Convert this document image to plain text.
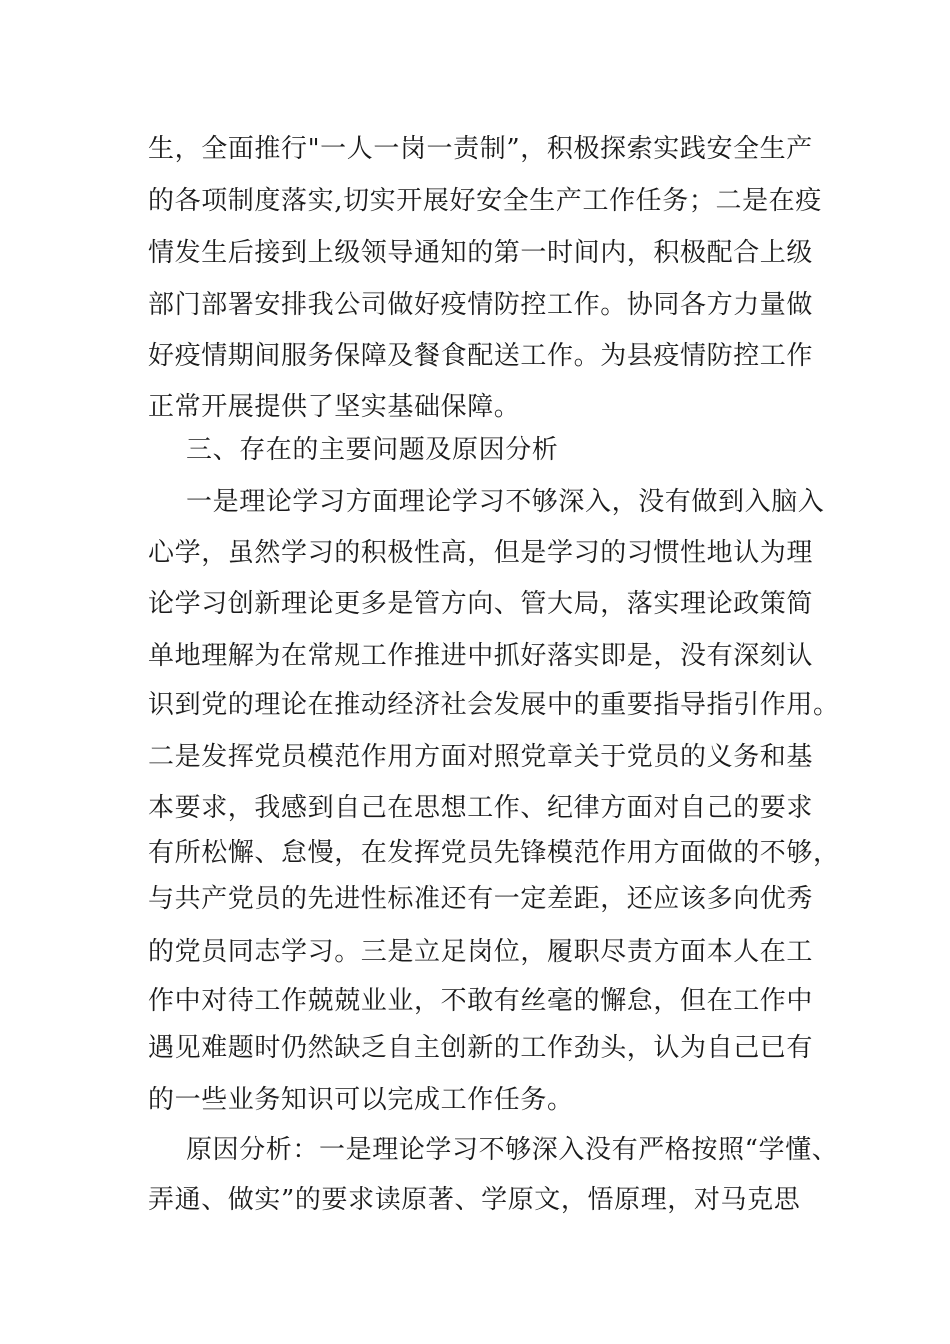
生，全面推行"一人一岗一责制”，积极探索实践安全生产
的各项制度落实,切实开展好安全生产工作任务；二是在疫
情发生后接到上级领导通知的第一时间内，积极配合上级
部门部署安排我公司做好疫情防控工作。协同各方力量做
好疫情期间服务保障及餐食配送工作。为县疫情防控工作
正常开展提供了坚实基础保障。
三、存在的主要问题及原因分析
一是理论学习方面理论学习不够深入，没有做到入脑入
心学，虽然学习的积极性高，但是学习的习惯性地认为理
论学习创新理论更多是管方向、管大局，落实理论政策简
单地理解为在常规工作推进中抓好落实即是，没有深刻认
识到党的理论在推动经济社会发展中的重要指导指引作用。
二是发挥党员模范作用方面对照党章关于党员的义务和基
本要求，我感到自己在思想工作、纪律方面对自己的要求
有所松懈、怠慢，在发挥党员先锋模范作用方面做的不够，
与共产党员的先进性标准还有一定差距，还应该多向优秀
的党员同志学习。三是立足岗位，履职尽责方面本人在工
作中对待工作兢兢业业，不敢有丝毫的懈怠，但在工作中
遇见难题时仍然缺乏自主创新的工作劲头，认为自己已有
的一些业务知识可以完成工作任务。
原因分析：一是理论学习不够深入没有严格按照“学懂、
弄通、做实”的要求读原著、学原文，悟原理，对马克思
